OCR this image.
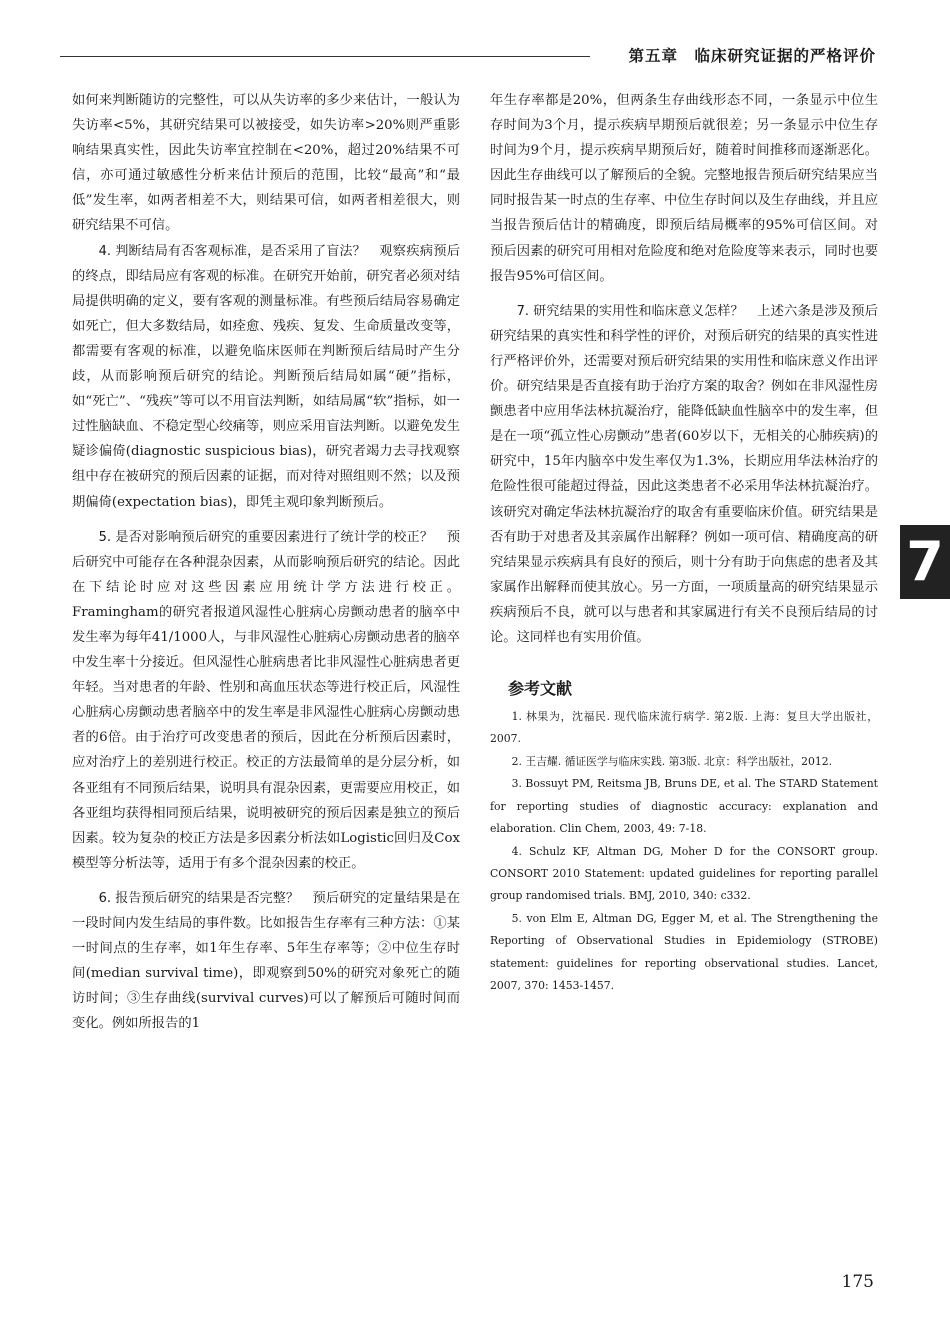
第五章　临床研究证据的严格评价

如何来判断随访的完整性，可以从失访率的多少来估计，一般认为失访率<5%，其研究结果可以被接受，如失访率>20%则严重影响结果真实性，因此失访率宜控制在<20%，超过20%结果不可信，亦可通过敏感性分析来估计预后的范围，比较“最高”和“最低”发生率，如两者相差不大，则结果可信，如两者相差很大，则研究结果不可信。

4. 判断结局有否客观标准，是否采用了盲法？　 观察疾病预后的终点，即结局应有客观的标准。在研究开始前，研究者必须对结局提供明确的定义，要有客观的测量标准。有些预后结局容易确定如死亡，但大多数结局，如痊愈、残疾、复发、生命质量改变等，都需要有客观的标准，以避免临床医师在判断预后结局时产生分歧，从而影响预后研究的结论。判断预后结局如属“硬”指标，如“死亡”、“残疾”等可以不用盲法判断，如结局属“软”指标，如一过性脑缺血、不稳定型心绞痛等，则应采用盲法判断。以避免发生疑诊偏倚(diagnostic suspicious bias)，研究者竭力去寻找观察组中存在被研究的预后因素的证据，而对待对照组则不然；以及预期偏倚(expectation bias)，即凭主观印象判断预后。

5. 是否对影响预后研究的重要因素进行了统计学的校正？　 预后研究中可能存在各种混杂因素，从而影响预后研究的结论。因此在下结论时应对这些因素应用统计学方法进行校正。Framingham的研究者报道风湿性心脏病心房颤动患者的脑卒中发生率为每年41/1000人，与非风湿性心脏病心房颤动患者的脑卒中发生率十分接近。但风湿性心脏病患者比非风湿性心脏病患者更年轻。当对患者的年龄、性别和高血压状态等进行校正后，风湿性心脏病心房颤动患者脑卒中的发生率是非风湿性心脏病心房颤动患者的6倍。由于治疗可改变患者的预后，因此在分析预后因素时，应对治疗上的差别进行校正。校正的方法最简单的是分层分析，如各亚组有不同预后结果，说明具有混杂因素，更需要应用校正，如各亚组均获得相同预后结果，说明被研究的预后因素是独立的预后因素。较为复杂的校正方法是多因素分析法如Logistic回归及Cox模型等分析法等，适用于有多个混杂因素的校正。

6. 报告预后研究的结果是否完整？　 预后研究的定量结果是在一段时间内发生结局的事件数。比如报告生存率有三种方法：①某一时间点的生存率，如1年生存率、5年生存率等；②中位生存时间(median survival time)，即观察到50%的研究对象死亡的随访时间；③生存曲线(survival curves)可以了解预后可随时间而变化。例如所报告的1

年生存率都是20%，但两条生存曲线形态不同，一条显示中位生存时间为3个月，提示疾病早期预后就很差；另一条显示中位生存时间为9个月，提示疾病早期预后好，随着时间推移而逐渐恶化。因此生存曲线可以了解预后的全貌。完整地报告预后研究结果应当同时报告某一时点的生存率、中位生存时间以及生存曲线，并且应当报告预后估计的精确度，即预后结局概率的95%可信区间。对预后因素的研究可用相对危险度和绝对危险度等来表示，同时也要报告95%可信区间。

7. 研究结果的实用性和临床意义怎样？　 上述六条是涉及预后研究结果的真实性和科学性的评价，对预后研究的结果的真实性进行严格评价外，还需要对预后研究结果的实用性和临床意义作出评价。研究结果是否直接有助于治疗方案的取舍？例如在非风湿性房颤患者中应用华法林抗凝治疗，能降低缺血性脑卒中的发生率，但是在一项“孤立性心房颤动”患者(60岁以下，无相关的心肺疾病)的研究中，15年内脑卒中发生率仅为1.3%，长期应用华法林治疗的危险性很可能超过得益，因此这类患者不必采用华法林抗凝治疗。该研究对确定华法林抗凝治疗的取舍有重要临床价值。研究结果是否有助于对患者及其亲属作出解释？例如一项可信、精确度高的研究结果显示疾病具有良好的预后，则十分有助于向焦虑的患者及其家属作出解释而使其放心。另一方面，一项质量高的研究结果显示疾病预后不良，就可以与患者和其家属进行有关不良预后结局的讨论。这同样也有实用价值。

参考文献

1. 林果为，沈福民. 现代临床流行病学. 第2版. 上海：复旦大学出版社，2007.

2. 王吉耀. 循证医学与临床实践. 第3版. 北京：科学出版社，2012.

3. Bossuyt PM, Reitsma JB, Bruns DE, et al. The STARD Statement for reporting studies of diagnostic accuracy: explanation and elaboration. Clin Chem, 2003, 49: 7-18.

4. Schulz KF, Altman DG, Moher D for the CONSORT group. CONSORT 2010 Statement: updated guidelines for reporting parallel group randomised trials. BMJ, 2010, 340: c332.

5. von Elm E, Altman DG, Egger M, et al. The Strengthening the Reporting of Observational Studies in Epidemiology (STROBE) statement: guidelines for reporting observational studies. Lancet, 2007, 370: 1453-1457.

7
175
